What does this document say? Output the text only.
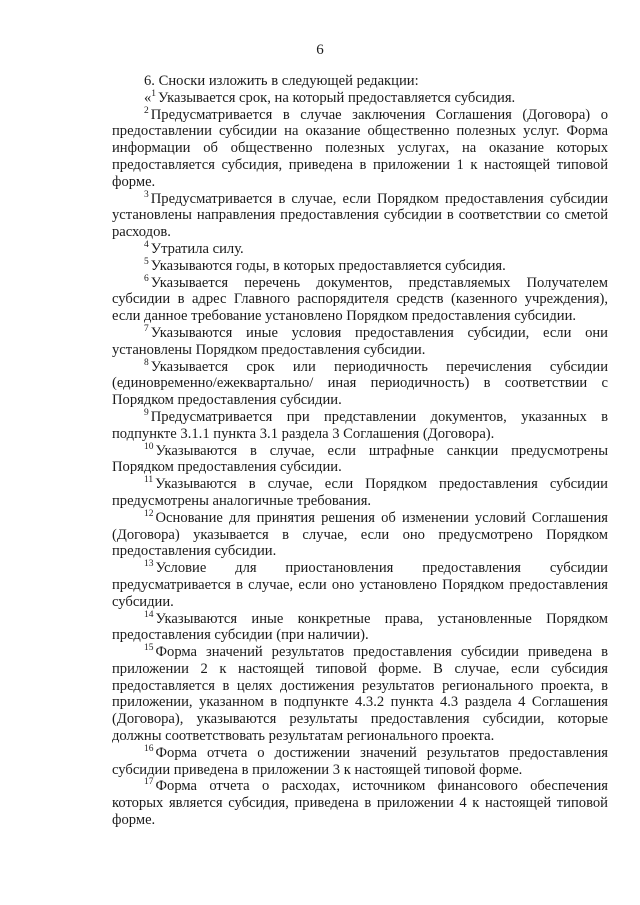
6

6. Сноски изложить в следующей редакции:

«$^1$ Указывается срок, на который предоставляется субсидия.

$^2$ Предусматривается в случае заключения Соглашения (Договора) о предоставлении субсидии на оказание общественно полезных услуг. Форма информации об общественно полезных услугах, на оказание которых предоставляется субсидия, приведена в приложении 1 к настоящей типовой форме.

$^3$ Предусматривается в случае, если Порядком предоставления субсидии установлены направления предоставления субсидии в соответствии со сметой расходов.

$^4$ Утратила силу.

$^5$ Указываются годы, в которых предоставляется субсидия.

$^6$ Указывается перечень документов, представляемых Получателем субсидии в адрес Главного распорядителя средств (казенного учреждения), если данное требование установлено Порядком предоставления субсидии.

$^7$ Указываются иные условия предоставления субсидии, если они установлены Порядком предоставления субсидии.

$^8$ Указывается срок или периодичность перечисления субсидии (единовременно/ежеквартально/ иная периодичность) в соответствии с Порядком предоставления субсидии.

$^9$ Предусматривается при представлении документов, указанных в подпункте 3.1.1 пункта 3.1 раздела 3 Соглашения (Договора).

$^{10}$ Указываются в случае, если штрафные санкции предусмотрены Порядком предоставления субсидии.

$^{11}$ Указываются в случае, если Порядком предоставления субсидии предусмотрены аналогичные требования.

$^{12}$ Основание для принятия решения об изменении условий Соглашения (Договора) указывается в случае, если оно предусмотрено Порядком предоставления субсидии.

$^{13}$ Условие для приостановления предоставления субсидии предусматривается в случае, если оно установлено Порядком предоставления субсидии.

$^{14}$ Указываются иные конкретные права, установленные Порядком предоставления субсидии (при наличии).

$^{15}$ Форма значений результатов предоставления субсидии приведена в приложении 2 к настоящей типовой форме. В случае, если субсидия предоставляется в целях достижения результатов регионального проекта, в приложении, указанном в подпункте 4.3.2 пункта 4.3 раздела 4 Соглашения (Договора), указываются результаты предоставления субсидии, которые должны соответствовать результатам регионального проекта.

$^{16}$ Форма отчета о достижении значений результатов предоставления субсидии приведена в приложении 3 к настоящей типовой форме.

$^{17}$ Форма отчета о расходах, источником финансового обеспечения которых является субсидия, приведена в приложении 4 к настоящей типовой форме.
